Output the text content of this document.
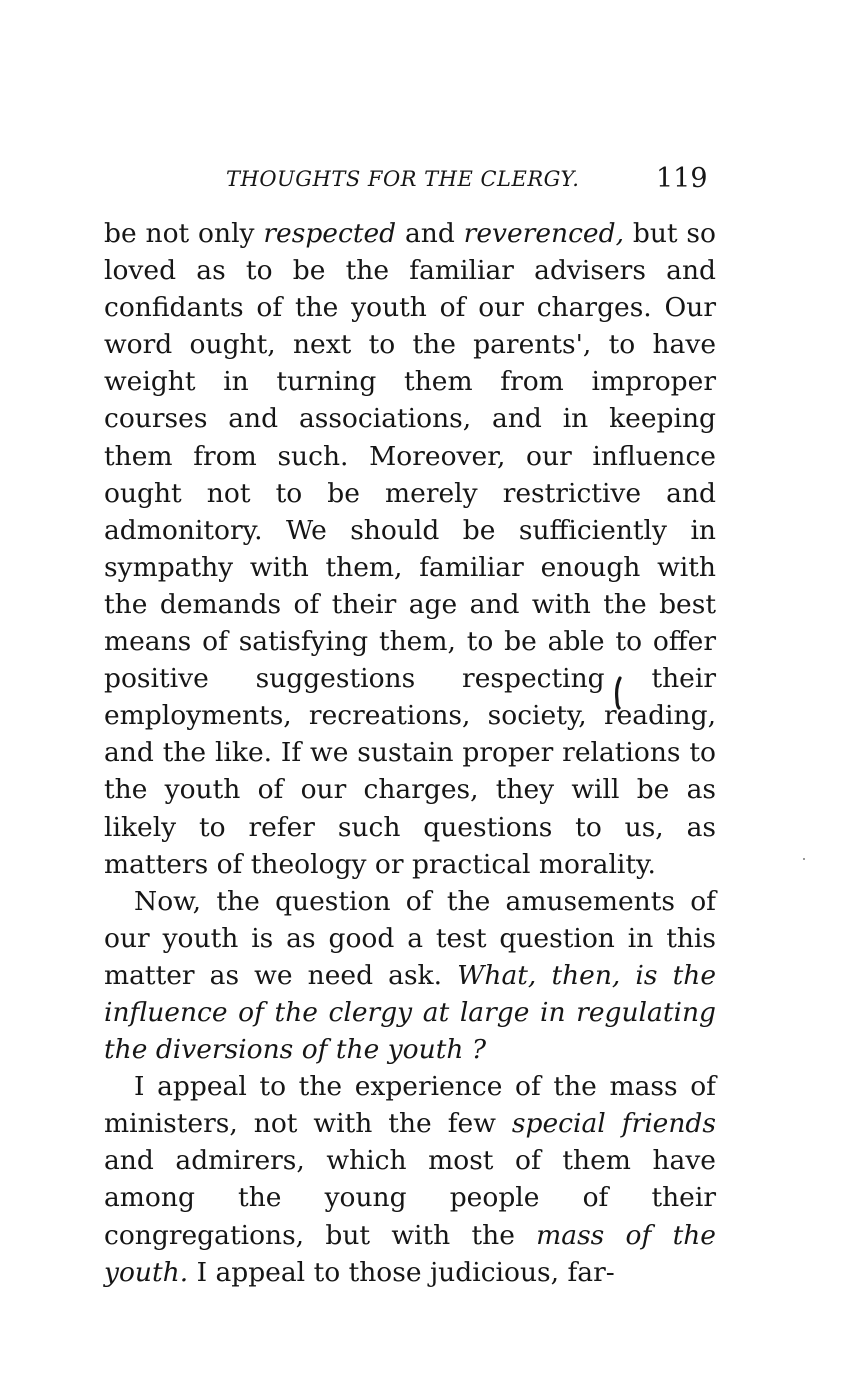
THOUGHTS FOR THE CLERGY.	119

be not only respected and reverenced, but so loved as to be the familiar advisers and confidants of the youth of our charges. Our word ought, next to the parents', to have weight in turning them from improper courses and associations, and in keeping them from such. Moreover, our influence ought not to be merely restrictive and admonitory. We should be sufficiently in sympathy with them, familiar enough with the demands of their age and with the best means of satisfying them, to be able to offer positive suggestions respecting their employments, recreations, society, reading, and the like. If we sustain proper relations to the youth of our charges, they will be as likely to refer such questions to us, as matters of theology or practical morality.

Now, the question of the amusements of our youth is as good a test question in this matter as we need ask. What, then, is the influence of the clergy at large in regulating the diversions of the youth ?

I appeal to the experience of the mass of ministers, not with the few special friends and admirers, which most of them have among the young people of their congregations, but with the mass of the youth. I appeal to those judicious, far-
